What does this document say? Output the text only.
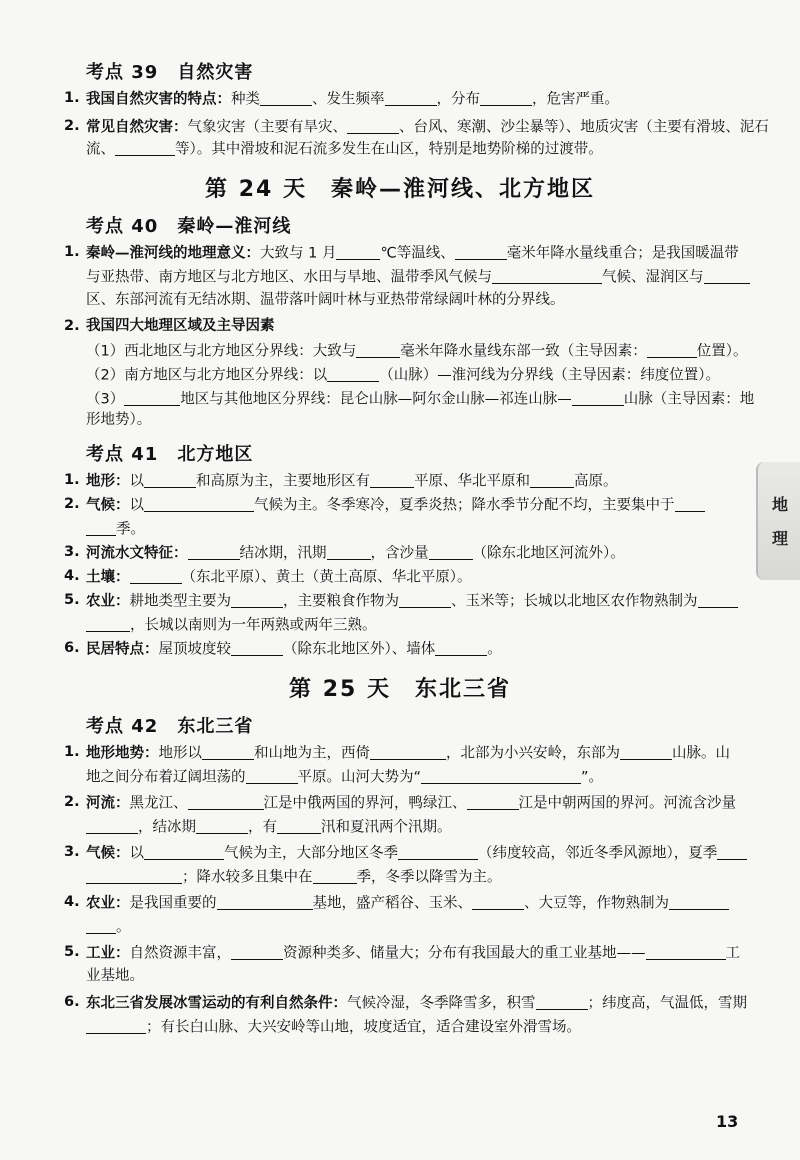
考点 39　自然灾害
1. 我国自然灾害的特点：种类	、发生频率	，分布	，危害严重。
2. 常见自然灾害：气象灾害（主要有旱灾、	、台风、寒潮、沙尘暴等）、地质灾害（主要有滑坡、泥石
流、	等）。其中滑坡和泥石流多发生在山区，特别是地势阶梯的过渡带。
第 24 天　秦岭—淮河线、北方地区
考点 40　秦岭—淮河线
1. 秦岭—淮河线的地理意义：大致与 1 月	℃等温线、	毫米年降水量线重合；是我国暖温带
与亚热带、南方地区与北方地区、水田与旱地、温带季风气候与	气候、湿润区与
区、东部河流有无结冰期、温带落叶阔叶林与亚热带常绿阔叶林的分界线。
2. 我国四大地理区域及主导因素
（1）西北地区与北方地区分界线：大致与	毫米年降水量线东部一致（主导因素：	位置）。
（2）南方地区与北方地区分界线：以	（山脉）—淮河线为分界线（主导因素：纬度位置）。
（3）	地区与其他地区分界线：昆仑山脉—阿尔金山脉—祁连山脉—	山脉（主导因素：地
形地势）。
考点 41　北方地区
1. 地形：以	和高原为主，主要地形区有	平原、华北平原和	高原。
2. 气候：以	气候为主。冬季寒冷，夏季炎热；降水季节分配不均，主要集中于
季。
3. 河流水文特征：	结冰期，汛期	，含沙量	（除东北地区河流外）。
4. 土壤：	（东北平原）、黄土（黄土高原、华北平原）。
5. 农业：耕地类型主要为	，主要粮食作物为	、玉米等；长城以北地区农作物熟制为
，长城以南则为一年两熟或两年三熟。
6. 民居特点：屋顶坡度较	（除东北地区外）、墙体	。
第 25 天　东北三省
考点 42　东北三省
1. 地形地势：地形以	和山地为主，西倚	，北部为小兴安岭，东部为	山脉。山
地之间分布着辽阔坦荡的	平原。山河大势为“	”。
2. 河流：黑龙江、	江是中俄两国的界河，鸭绿江、	江是中朝两国的界河。河流含沙量
，结冰期	，有	汛和夏汛两个汛期。
3. 气候：以	气候为主，大部分地区冬季	（纬度较高，邻近冬季风源地），夏季
；降水较多且集中在	季，冬季以降雪为主。
4. 农业：是我国重要的	基地，盛产稻谷、玉米、	、大豆等，作物熟制为
。
5. 工业：自然资源丰富，	资源种类多、储量大；分布有我国最大的重工业基地——	工
业基地。
6. 东北三省发展冰雪运动的有利自然条件：气候冷湿，冬季降雪多，积雪	；纬度高，气温低，雪期
；有长白山脉、大兴安岭等山地，坡度适宜，适合建设室外滑雪场。
地
理
13
